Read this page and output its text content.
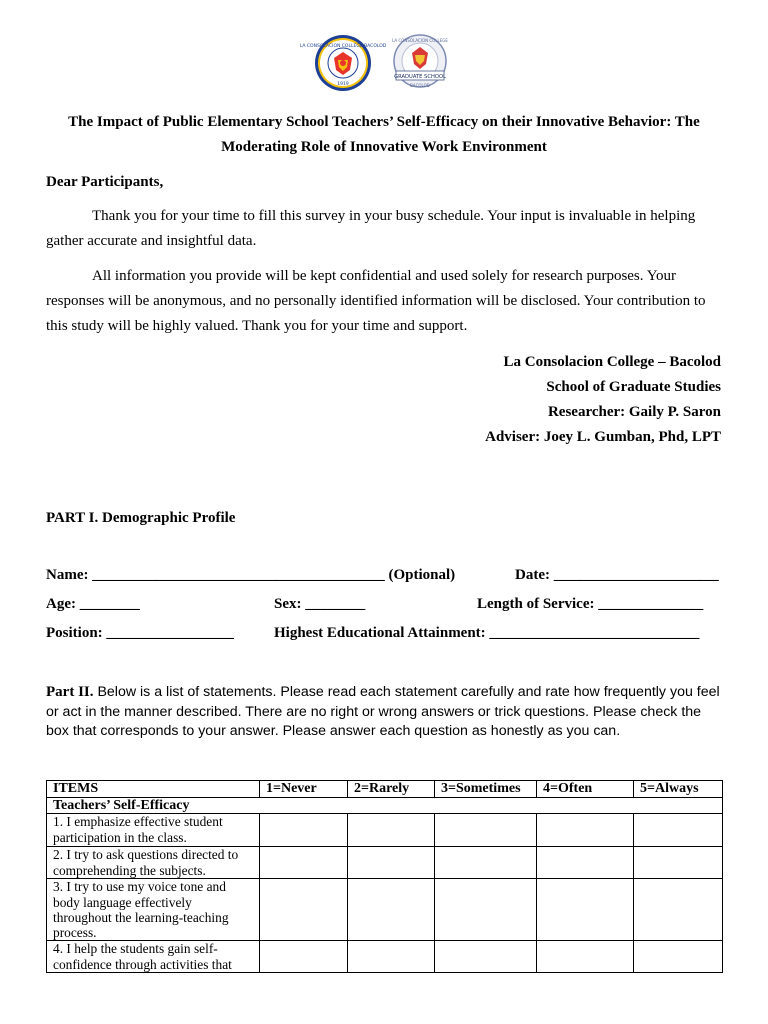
LA CONSOLACION COLLEGE BACOLOD
1919
LA CONSOLACION COLLEGE
GRADUATE SCHOOL
BACOLOD
The Impact of Public Elementary School Teachers’ Self-Efficacy on their Innovative Behavior: The Moderating Role of Innovative Work Environment

Dear Participants,

Thank you for your time to fill this survey in your busy schedule. Your input is invaluable in helping gather accurate and insightful data.

All information you provide will be kept confidential and used solely for research purposes. Your responses will be anonymous, and no personally identified information will be disclosed. Your contribution to this study will be highly valued. Thank you for your time and support.

La Consolacion College – Bacolod
School of Graduate Studies
Researcher: Gaily P. Saron
Adviser: Joey L. Gumban, Phd, LPT
PART I. Demographic Profile
Name: _______________________________________ (Optional)	Date: ______________________
Age: ________	Sex: ________	Length of Service: ______________
Position: _________________	Highest Educational Attainment: ____________________________
Part II. Below is a list of statements. Please read each statement carefully and rate how frequently you feel or act in the manner described. There are no right or wrong answers or trick questions. Please check the box that corresponds to your answer. Please answer each question as honestly as you can.
ITEMS	1=Never	2=Rarely	3=Sometimes	4=Often	5=Always
Teachers’ Self-Efficacy					
1. I emphasize effective student participation in the class.					
2. I try to ask questions directed to comprehending the subjects.					
3. I try to use my voice tone and body language effectively throughout the learning-teaching process.					
4. I help the students gain self-confidence through activities that					
